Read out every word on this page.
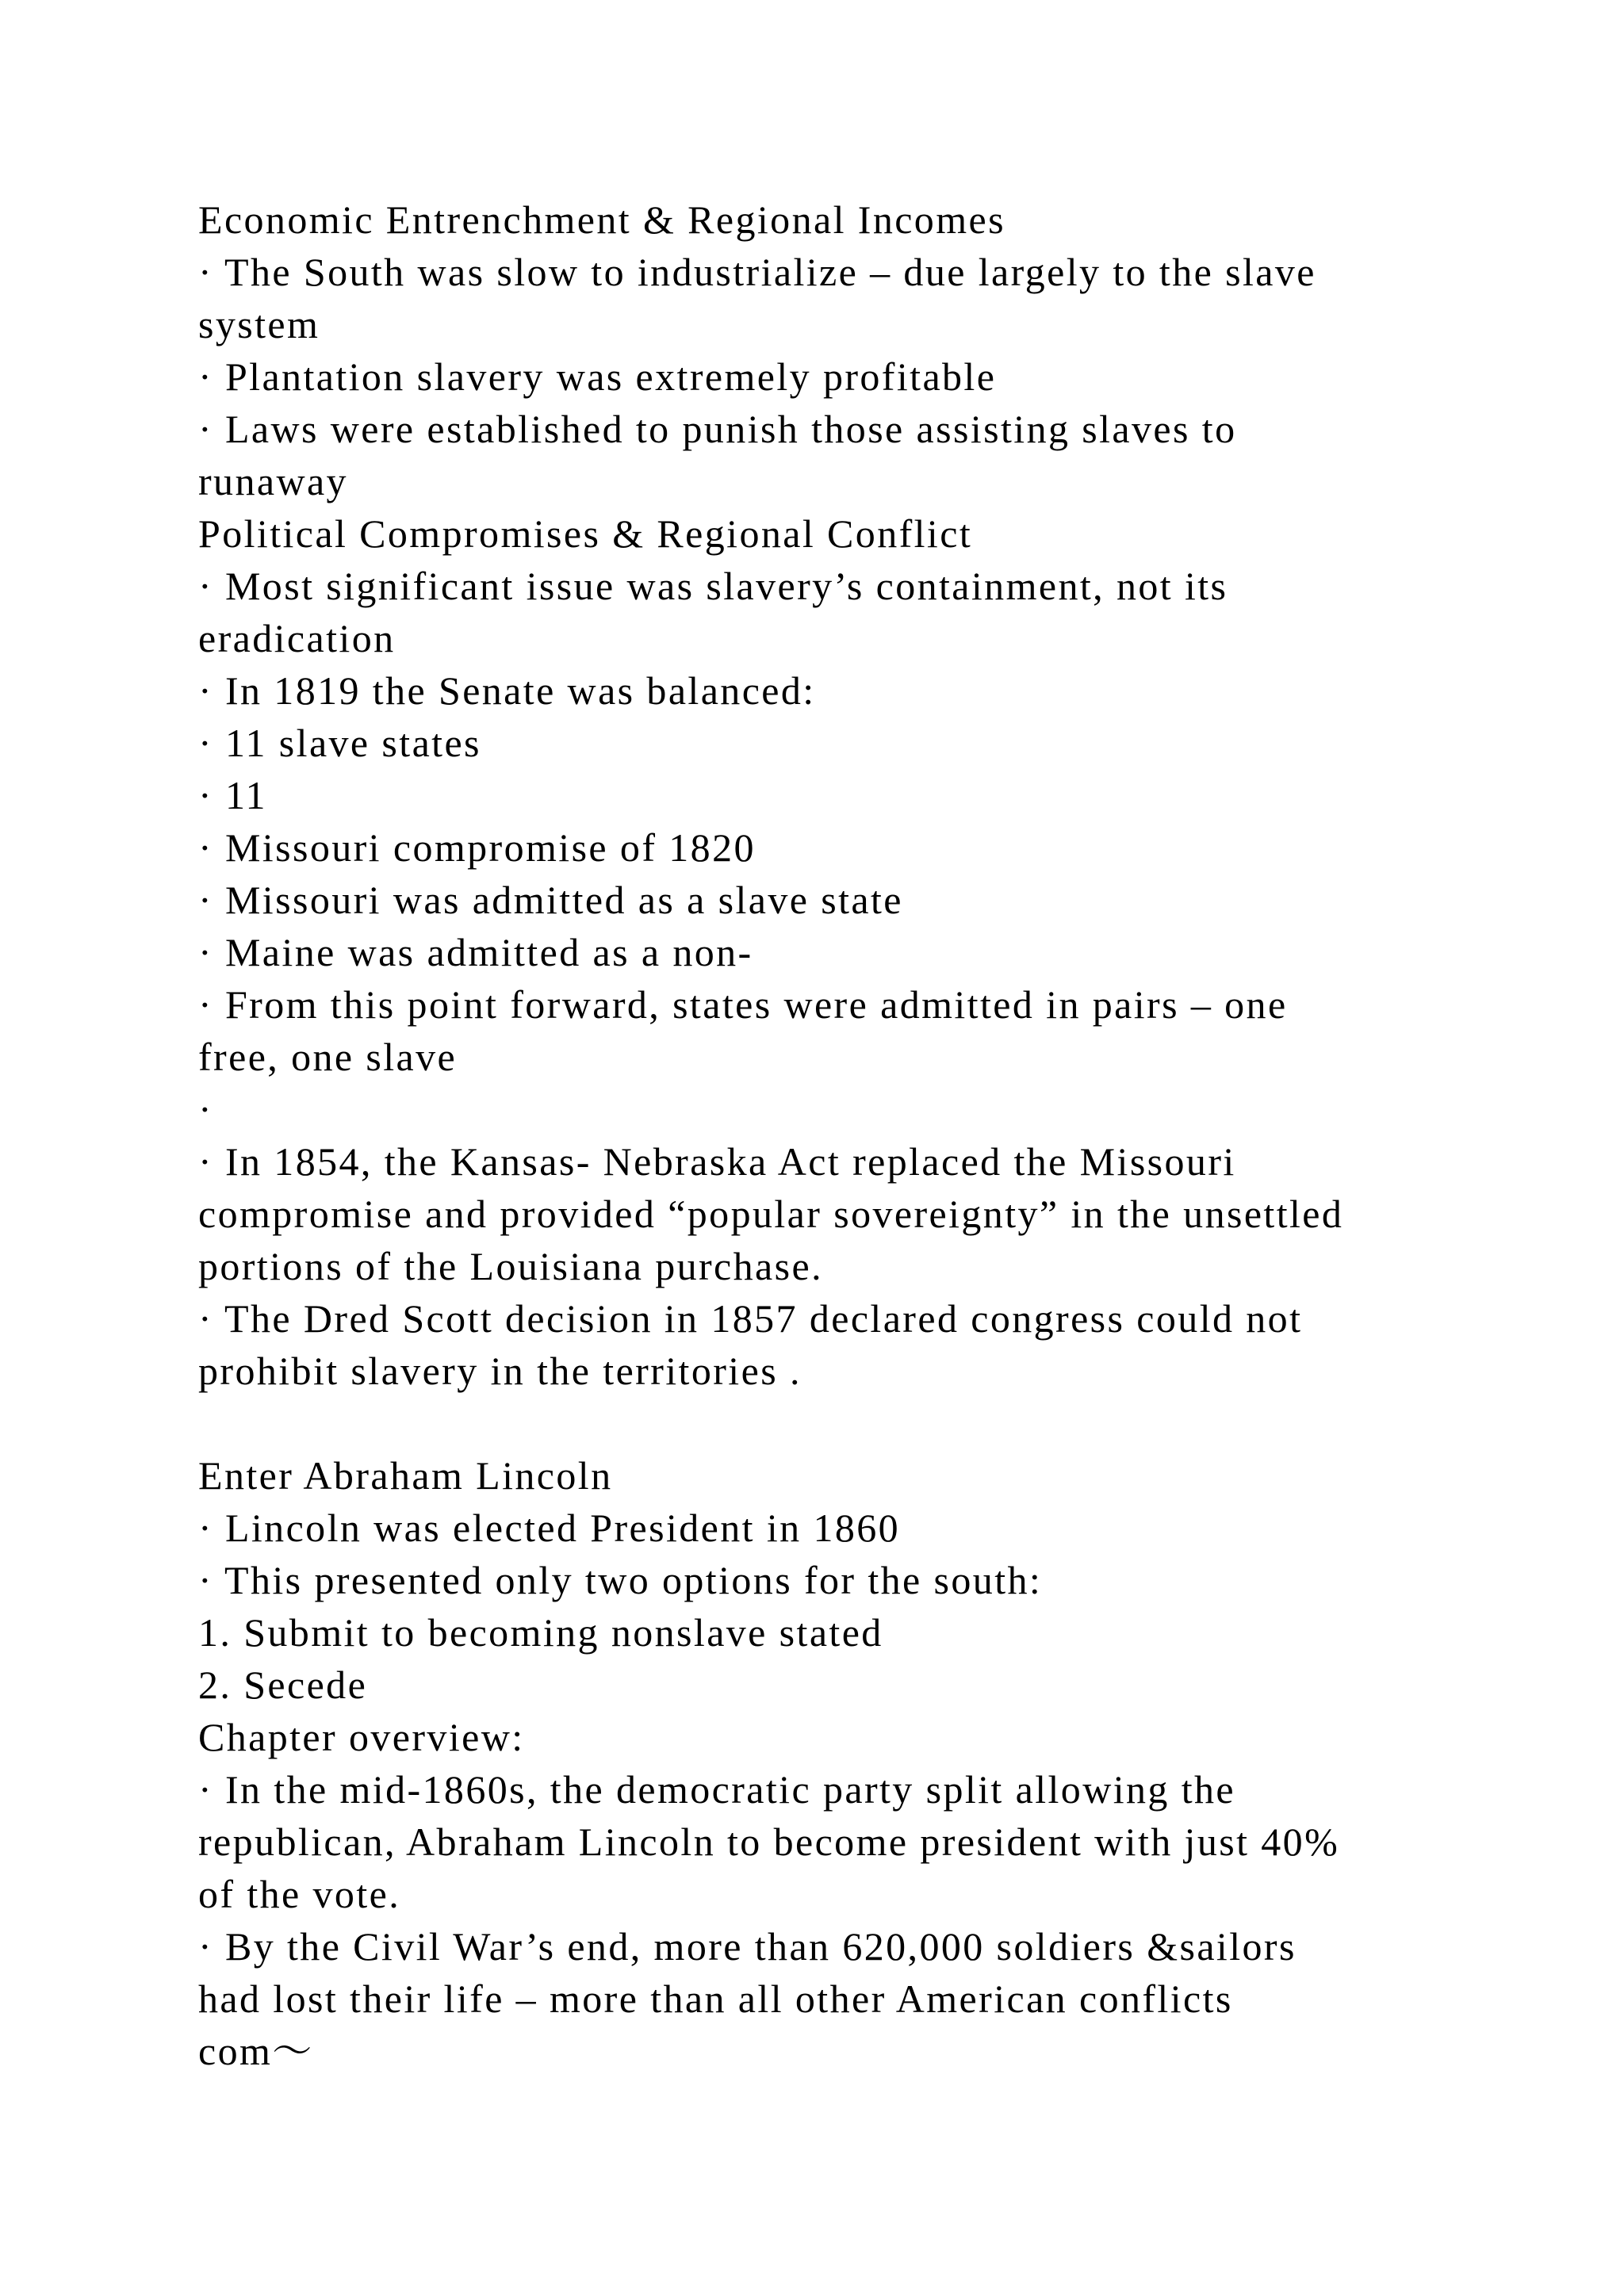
Economic Entrenchment & Regional Incomes
· The South was slow to industrialize – due largely to the slave
system
· Plantation slavery was extremely profitable
· Laws were established to punish those assisting slaves to
runaway
Political Compromises & Regional Conflict
· Most significant issue was slavery’s containment, not its
eradication
· In 1819 the Senate was balanced:
· 11 slave states
· 11
· Missouri compromise of 1820
· Missouri was admitted as a slave state
· Maine was admitted as a non-
· From this point forward, states were admitted in pairs – one
free, one slave
·
· In 1854, the Kansas- Nebraska Act replaced the Missouri
compromise and provided “popular sovereignty” in the unsettled
portions of the Louisiana purchase.
· The Dred Scott decision in 1857 declared congress could not
prohibit slavery in the territories .
Enter Abraham Lincoln
· Lincoln was elected President in 1860
· This presented only two options for the south:
1. Submit to becoming nonslave stated
2. Secede
Chapter overview:
· In the mid-1860s, the democratic party split allowing the
republican, Abraham Lincoln to become president with just 40%
of the vote.
· By the Civil War’s end, more than 620,000 soldiers &sailors
had lost their life – more than all other American conflicts
com〜
